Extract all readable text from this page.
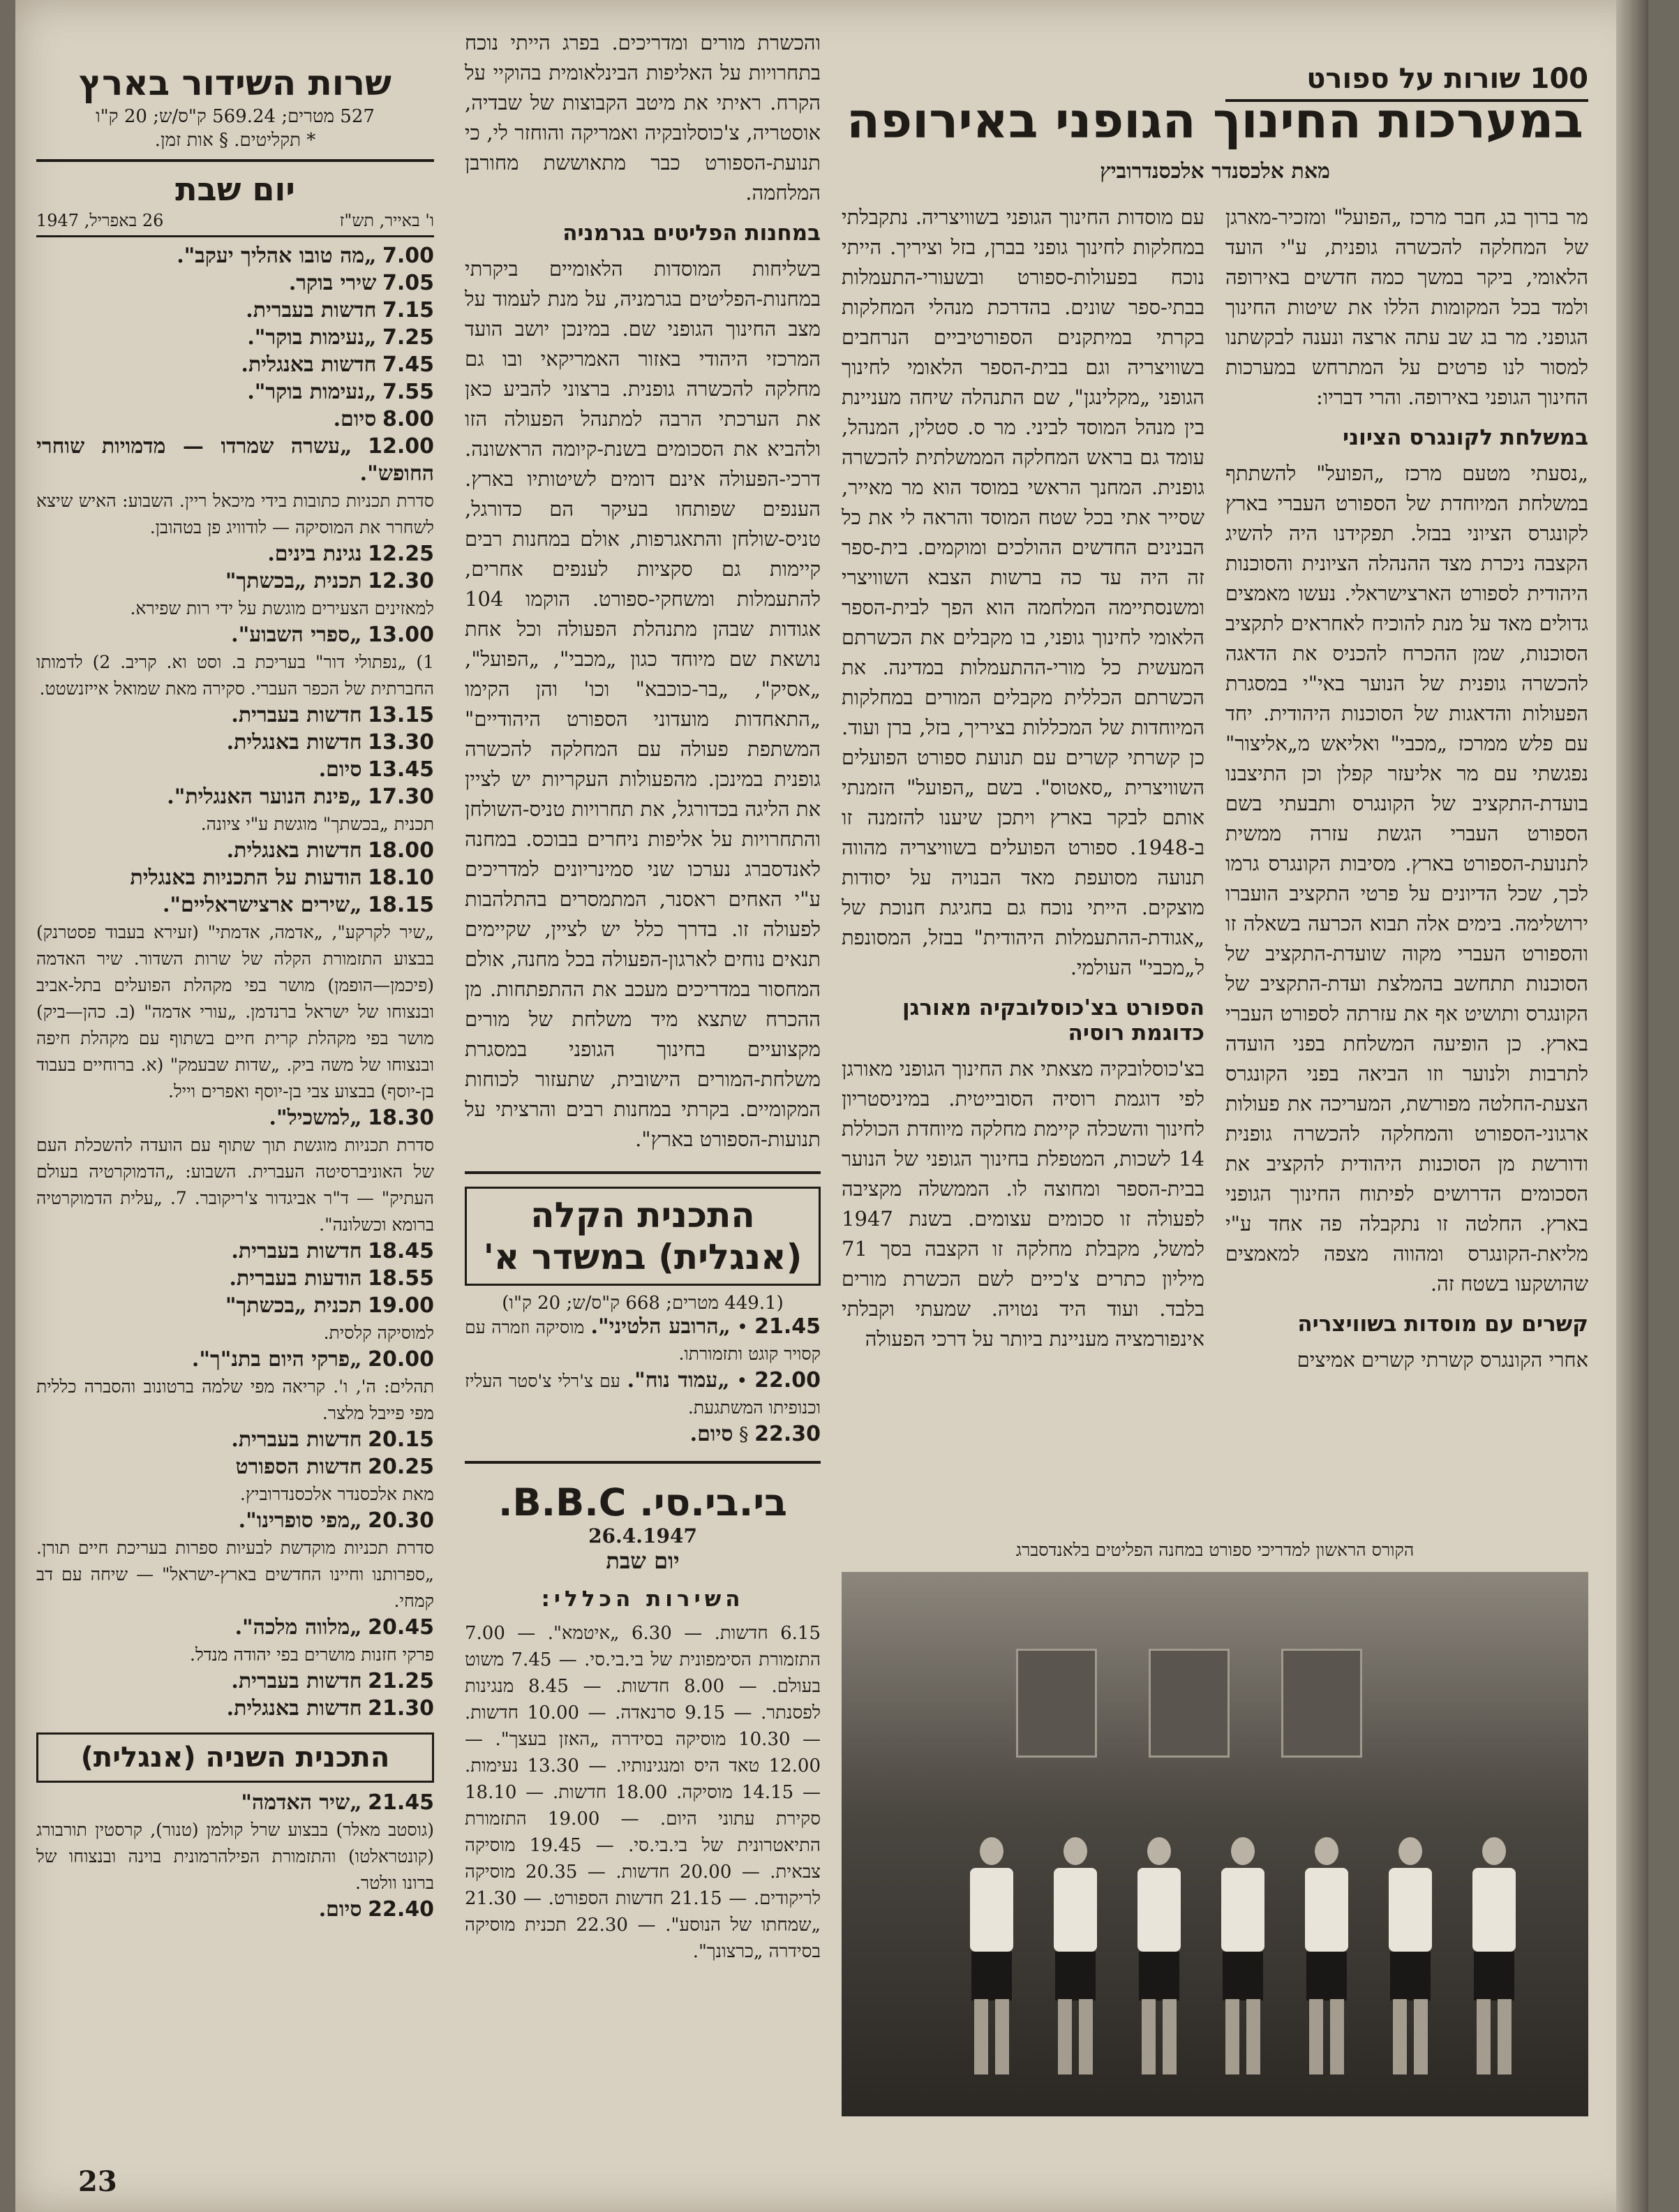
100 שורות על ספורט
במערכות החינוך הגופני באירופה
מאת אלכסנדר אלכסנדרוביץ

מר ברוך בג, חבר מרכז „הפועל" ומזכיר-מארגן של המחלקה להכשרה גופנית, ע"י הועד הלאומי, ביקר במשך כמה חדשים באירופה ולמד בכל המקומות הללו את שיטות החינוך הגופני. מר בג שב עתה ארצה ונענה לבקשתנו למסור לנו פרטים על המתרחש במערכות החינוך הגופני באירופה. והרי דבריו:

במשלחת לקונגרס הציוני

„נסעתי מטעם מרכז „הפועל" להשתתף במשלחת המיוחדת של הספורט העברי בארץ לקונגרס הציוני בבזל. תפקידנו היה להשיג הקצבה ניכרת מצד ההנהלה הציונית והסוכנות היהודית לספורט הארצישראלי. נעשו מאמצים גדולים מאד על מנת להוכיח לאחראים לתקציב הסוכנות, שמן ההכרח להכניס את הדאגה להכשרה גופנית של הנוער באי"י במסגרת הפעולות והדאגות של הסוכנות היהודית. יחד עם פלש ממרכז „מכבי" ואליאש מ„אליצור" נפגשתי עם מר אליעזר קפלן וכן התיצבנו בועדת-התקציב של הקונגרס ותבעתי בשם הספורט העברי הגשת עזרה ממשית לתנועת-הספורט בארץ. מסיבות הקונגרס גרמו לכך, שכל הדיונים על פרטי התקציב הועברו ירושלימה. בימים אלה תבוא הכרעה בשאלה זו והספורט העברי מקוה שועדת-התקציב של הסוכנות תתחשב בהמלצת ועדת-התקציב של הקונגרס ותושיט אף את עזרתה לספורט העברי בארץ. כן הופיעה המשלחת בפני הועדה לתרבות ולנוער וזו הביאה בפני הקונגרס הצעת-החלטה מפורשת, המעריכה את פעולות ארגוני-הספורט והמחלקה להכשרה גופנית ודורשת מן הסוכנות היהודית להקציב את הסכומים הדרושים לפיתוח החינוך הגופני בארץ. החלטה זו נתקבלה פה אחד ע"י מליאת-הקונגרס ומהווה מצפה למאמצים שהושקעו בשטח זה.

קשרים עם מוסדות בשוויצריה

אחרי הקונגרס קשרתי קשרים אמיצים

עם מוסדות החינוך הגופני בשוויצריה. נתקבלתי במחלקות לחינוך גופני בברן, בזל וציריך. הייתי נוכח בפעולות-ספורט ובשעורי-התעמלות בבתי-ספר שונים. בהדרכת מנהלי המחלקות בקרתי במיתקנים הספורטיביים הנרחבים בשוויצריה וגם בבית-הספר הלאומי לחינוך הגופני „מקלינגן", שם התנהלה שיחה מעניינת בין מנהל המוסד לביני. מר ס. סטלין, המנהל, עומד גם בראש המחלקה הממשלתית להכשרה גופנית. המחנך הראשי במוסד הוא מר מאייר, שסייר אתי בכל שטח המוסד והראה לי את כל הבנינים החדשים ההולכים ומוקמים. בית-ספר זה היה עד כה ברשות הצבא השוויצרי ומשנסתיימה המלחמה הוא הפך לבית-הספר הלאומי לחינוך גופני, בו מקבלים את הכשרתם המעשית כל מורי-ההתעמלות במדינה. את הכשרתם הכללית מקבלים המורים במחלקות המיוחדות של המכללות בציריך, בזל, ברן ועוד. כן קשרתי קשרים עם תנועת ספורט הפועלים השוויצרית „סאטוס". בשם „הפועל" הזמנתי אותם לבקר בארץ ויתכן שיענו להזמנה זו ב-1948. ספורט הפועלים בשוויצריה מהווה תנועה מסועפת מאד הבנויה על יסודות מוצקים. הייתי נוכח גם בחגיגת חנוכת של „אגודת-ההתעמלות היהודית" בבזל, המסונפת ל„מכבי" העולמי.

הספורט בצ'כוסלובקיה מאורגן כדוגמת רוסיה

בצ'כוסלובקיה מצאתי את החינוך הגופני מאורגן לפי דוגמת רוסיה הסובייטית. במיניסטריון לחינוך והשכלה קיימת מחלקה מיוחדת הכוללת 14 לשכות, המטפלת בחינוך הגופני של הנוער בבית-הספר ומחוצה לו. הממשלה מקציבה לפעולה זו סכומים עצומים. בשנת 1947 למשל, מקבלת מחלקה זו הקצבה בסך 71 מיליון כתרים צ'כיים לשם הכשרת מורים בלבד. ועוד היד נטויה. שמעתי וקבלתי אינפורמציה מעניינת ביותר על דרכי הפעולה

והכשרת מורים ומדריכים. בפרג הייתי נוכח בתחרויות על האליפות הבינלאומית בהוקיי על הקרח. ראיתי את מיטב הקבוצות של שבדיה, אוסטריה, צ'כוסלובקיה ואמריקה והוחזר לי, כי תנועת-הספורט כבר מתאוששת מחורבן המלחמה.

במחנות הפליטים בגרמניה

בשליחות המוסדות הלאומיים ביקרתי במחנות-הפליטים בגרמניה, על מנת לעמוד על מצב החינוך הגופני שם. במינכן יושב הועד המרכזי היהודי באזור האמריקאי ובו גם מחלקה להכשרה גופנית. ברצוני להביע כאן את הערכתי הרבה למתנהל הפעולה הזו ולהביא את הסכומים בשנת-קיומה הראשונה. דרכי-הפעולה אינם דומים לשיטותיו בארץ. הענפים שפותחו בעיקר הם כדורגל, טניס-שולחן והתאגרפות, אולם במחנות רבים קיימות גם סקציות לענפים אחרים, להתעמלות ומשחקי-ספורט. הוקמו 104 אגודות שבהן מתנהלת הפעולה וכל אחת נושאת שם מיוחד כגון „מכבי", „הפועל", „אסיק", „בר-כוכבא" וכו' והן הקימו „התאחדות מועדוני הספורט היהודיים" המשתפת פעולה עם המחלקה להכשרה גופנית במינכן. מהפעולות העקריות יש לציין את הליגה בכדורגל, את תחרויות טניס-השולחן והתחרויות על אליפות ניחרים בבוכס. במחנה לאנדסברג נערכו שני סמינריונים למדריכים ע"י האחים ראסנר, המתמסרים בהתלהבות לפעולה זו. בדרך כלל יש לציין, שקיימים תנאים נוחים לארגון-הפעולה בכל מחנה, אולם המחסור במדריכים מעכב את ההתפתחות. מן ההכרח שתצא מיד משלחת של מורים מקצועיים בחינוך הגופני במסגרת משלחת-המורים הישובית, שתעזור לכוחות המקומיים. בקרתי במחנות רבים והרציתי על תנועות-הספורט בארץ".

התכנית הקלה (אנגלית) במשדר א'
(449.1 מטרים; 668 ק"ס/ש; 20 ק"ו)

21.45 • „הרובע הלטיני". מוסיקה וזמרה עם קסויר קוגט ותזמורתו.

22.00 • „עמוד נוח". עם צ'רלי צ'סטר העליז וכנופיתו המשתגעת.

22.30 § סיום.

בי.בי.סי. B.B.C.
26.4.1947
יום שבת
השירות הכללי:
6.15 חדשות. — 6.30 „איטמא". — 7.00 התזמורת הסימפונית של בי.בי.סי. — 7.45 משוט בעולם. — 8.00 חדשות. — 8.45 מנגינות לפסנתר. — 9.15 סרנאדה. — 10.00 חדשות. — 10.30 מוסיקה בסידרה „האזן בעצך". — 12.00 טאד היס ומנגינותיו. — 13.30 נעימות. — 14.15 מוסיקה. 18.00 חדשות. — 18.10 סקירת עתוני היום. — 19.00 התזמורת התיאטרונית של בי.בי.סי. — 19.45 מוסיקה צבאית. — 20.00 חדשות. — 20.35 מוסיקה לריקודים. — 21.15 חדשות הספורט. — 21.30 „שמחתו של הנוסע". — 22.30 תכנית מוסיקה בסידרה „כרצונך".
הקורס הראשון למדריכי ספורט במחנה הפליטים בלאנדסברג
שרות השידור בארץ
527 מטרים; 569.24 ק"ס/ש; 20 ק"ו
* תקליטים. § אות זמן.
יום שבת
ו' באייר, תש"ז
26 באפריל, 1947

7.00 „מה טובו אהליך יעקב".

7.05 שירי בוקר.

7.15 חדשות בעברית.

7.25 „נעימות בוקר".

7.45 חדשות באנגלית.

7.55 „נעימות בוקר".

8.00 סיום.

12.00 „עשרה שמרדו — מדמויות שוחרי החופש".
סדרת תכניות כתובות בידי מיכאל ריין. השבוע: האיש שיצא לשחרר את המוסיקה — לודוויג פן בטהובן.

12.25 נגינת בינים.

12.30 תכנית „בכשתך"
למאזינים הצעירים מוגשת על ידי רות שפירא.

13.00 „ספרי השבוע".
1) „נפתולי דור" בעריכת ב. וסט וא. קריב. 2) לדמותו החברתית של הכפר העברי. סקירה מאת שמואל אייזנשטט.

13.15 חדשות בעברית.

13.30 חדשות באנגלית.

13.45 סיום.

17.30 „פינת הנוער האנגלית".
תכנית „בכשתך" מוגשת ע"י ציונה.

18.00 חדשות באנגלית.

18.10 הודעות על התכניות באנגלית

18.15 „שירים ארצישראליים".
„שיר לקרקע", „אדמה, אדמתי" (זעירא בעבוד פסטרנק) בבצוע התזמורת הקלה של שרות השדור. שיר האדמה (פיכמן—הופמן) מושר בפי מקהלת הפועלים בתל-אביב ובנצוחו של ישראל ברנדמן. „עורי אדמה" (ב. כהן—ביק) מושר בפי מקהלת קרית חיים בשתוף עם מקהלת חיפה ובנצוחו של משה ביק. „שדות שבעמק" (א. ברוחיים בעבוד בן-יוסף) בבצוע צבי בן-יוסף ואפרים וייל.

18.30 „למשכיל".
סדרת תכניות מוגשת תוך שתוף עם הועדה להשכלת העם של האוניברסיטה העברית. השבוע: „הדמוקרטיה בעולם העתיק" — ד"ר אביגדור צ'ריקובר. 7. „עלית הדמוקרטיה ברומא וכשלונה".

18.45 חדשות בעברית.

18.55 הודעות בעברית.

19.00 תכנית „בכשתך"
למוסיקה קלסית.

20.00 „פרקי היום בתנ"ך".
תהלים: ה', ו'. קריאה מפי שלמה ברטונוב והסברה כללית מפי פייבל מלצר.

20.15 חדשות בעברית.

20.25 חדשות הספורט
מאת אלכסנדר אלכסנדרוביץ.

20.30 „מפי סופרינו".
סדרת תכניות מוקדשת לבעיות ספרות בעריכת חיים תורן. „ספרותנו וחיינו החדשים בארץ-ישראל" — שיחה עם דב קמחי.

20.45 „מלווה מלכה".
פרקי חזנות מושרים בפי יהודה מנדל.

21.25 חדשות בעברית.

21.30 חדשות באנגלית.

התכנית השניה (אנגלית)

21.45 „שיר האדמה"
(גוסטב מאלר) בבצוע שרל קולמן (טנור), קרסטין תורבורג (קונטראלטו) והתזמורת הפילהרמונית בוינה ובנצוחו של ברונו וולטר.

22.40 סיום.

23
